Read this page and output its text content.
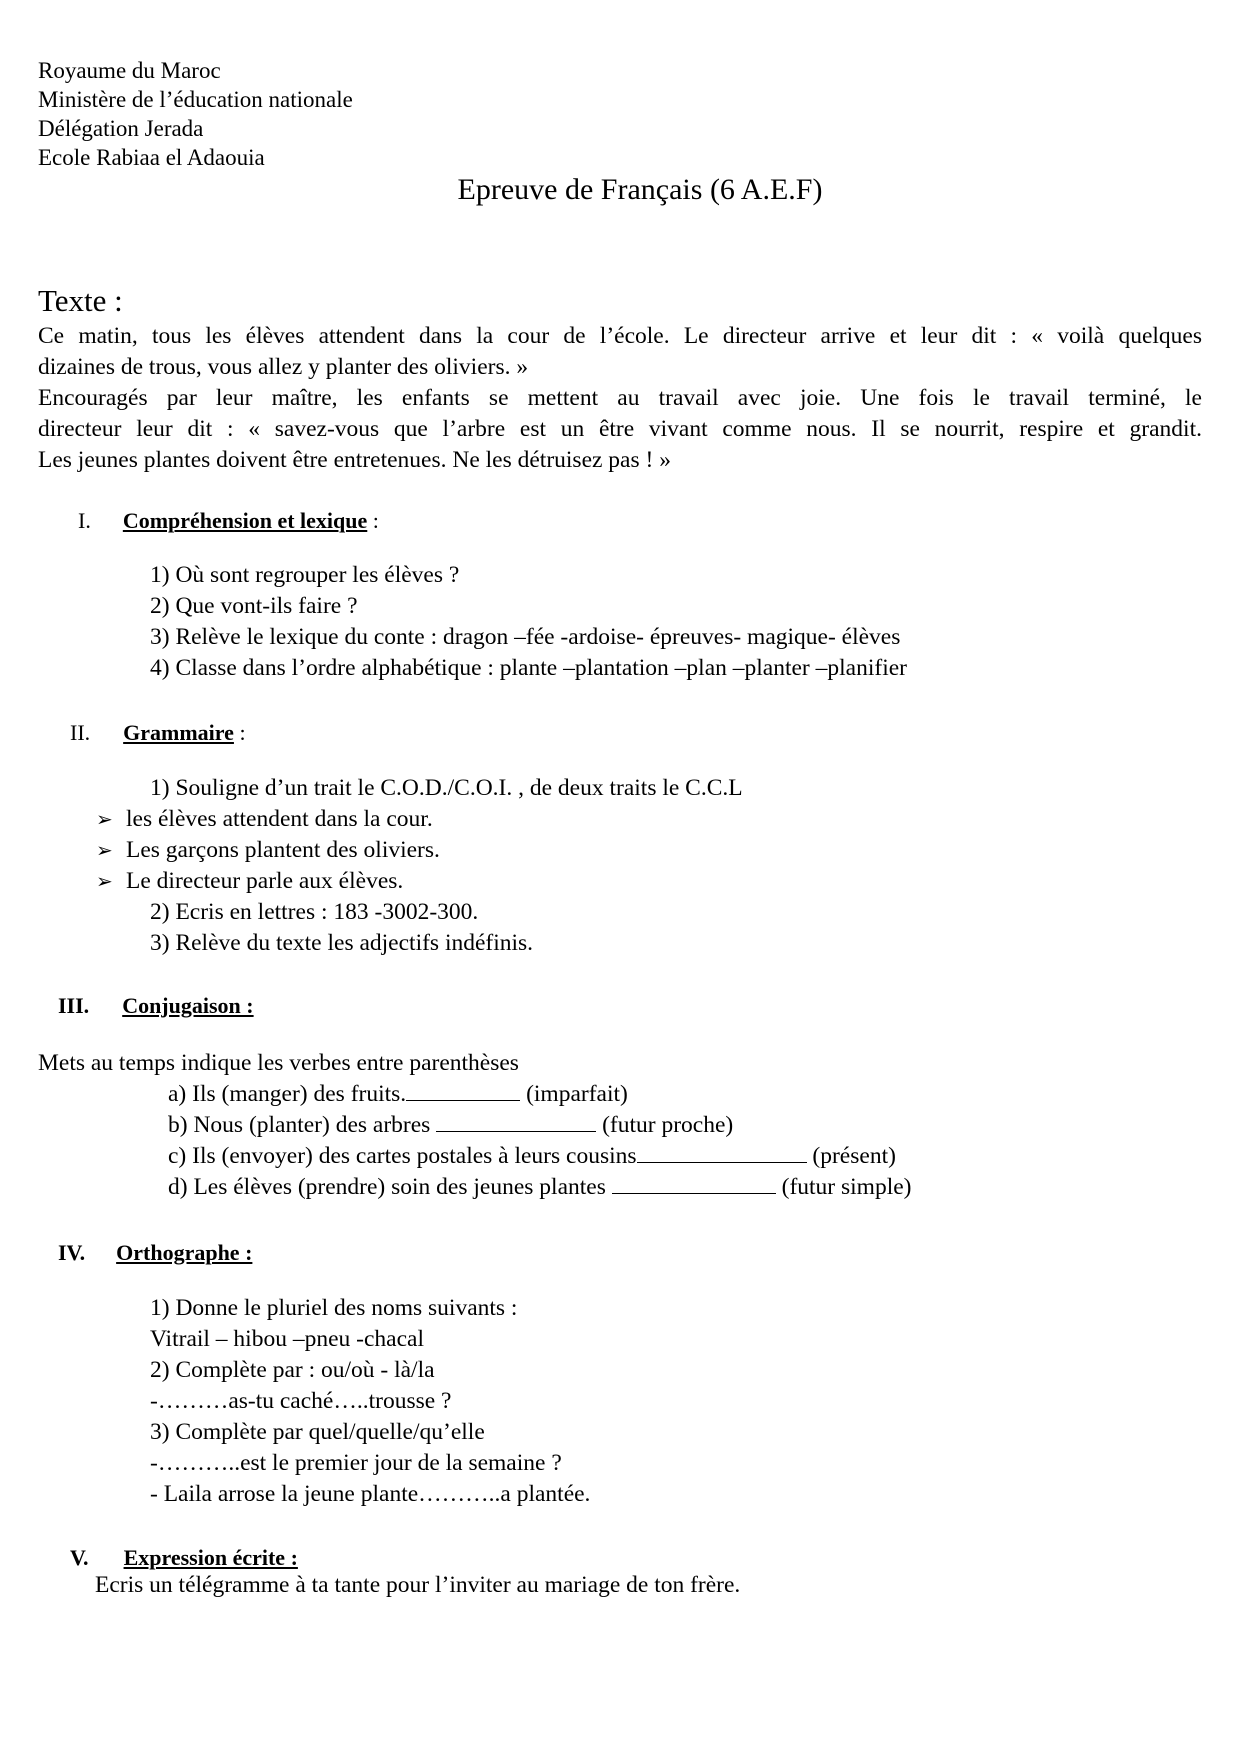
Royaume du Maroc
Ministère de l’éducation nationale
Délégation Jerada
Ecole Rabiaa el Adaouia
Epreuve de Français (6 A.E.F)
Texte :
Ce matin, tous les élèves attendent dans la cour de l’école. Le directeur arrive et leur dit : « voilà quelques
dizaines de trous, vous allez y planter des oliviers. »
Encouragés par leur maître, les enfants se mettent au travail avec joie. Une fois le travail terminé, le
directeur leur dit : « savez-vous que l’arbre est un être vivant comme nous. Il se nourrit, respire et grandit.
Les jeunes plantes doivent être entretenues. Ne les détruisez pas ! »
I. Compréhension et lexique :
1) Où sont regrouper les élèves ?
2) Que vont-ils faire ?
3) Relève le lexique du conte : dragon –fée -ardoise- épreuves- magique- élèves
4) Classe dans l’ordre alphabétique : plante –plantation –plan –planter –planifier
II. Grammaire :
1) Souligne d’un trait le C.O.D./C.O.I. , de deux traits le C.C.L
➢ les élèves attendent dans la cour.
➢ Les garçons plantent des oliviers.
➢ Le directeur parle aux élèves.
2) Ecris en lettres : 183 -3002-300.
3) Relève du texte les adjectifs indéfinis.
III. Conjugaison :
Mets au temps indique les verbes entre parenthèses
a) Ils (manger) des fruits.	(imparfait)
b) Nous (planter) des arbres	(futur proche)
c) Ils (envoyer) des cartes postales à leurs cousins	(présent)
d) Les élèves (prendre) soin des jeunes plantes	(futur simple)
IV. Orthographe :
1) Donne le pluriel des noms suivants :
Vitrail – hibou –pneu -chacal
2) Complète par : ou/où - là/la
-………as-tu caché…..trousse ?
3) Complète par quel/quelle/qu’elle
-………..est le premier jour de la semaine ?
- Laila arrose la jeune plante………..a plantée.
V. Expression écrite :
Ecris un télégramme à ta tante pour l’inviter au mariage de ton frère.
